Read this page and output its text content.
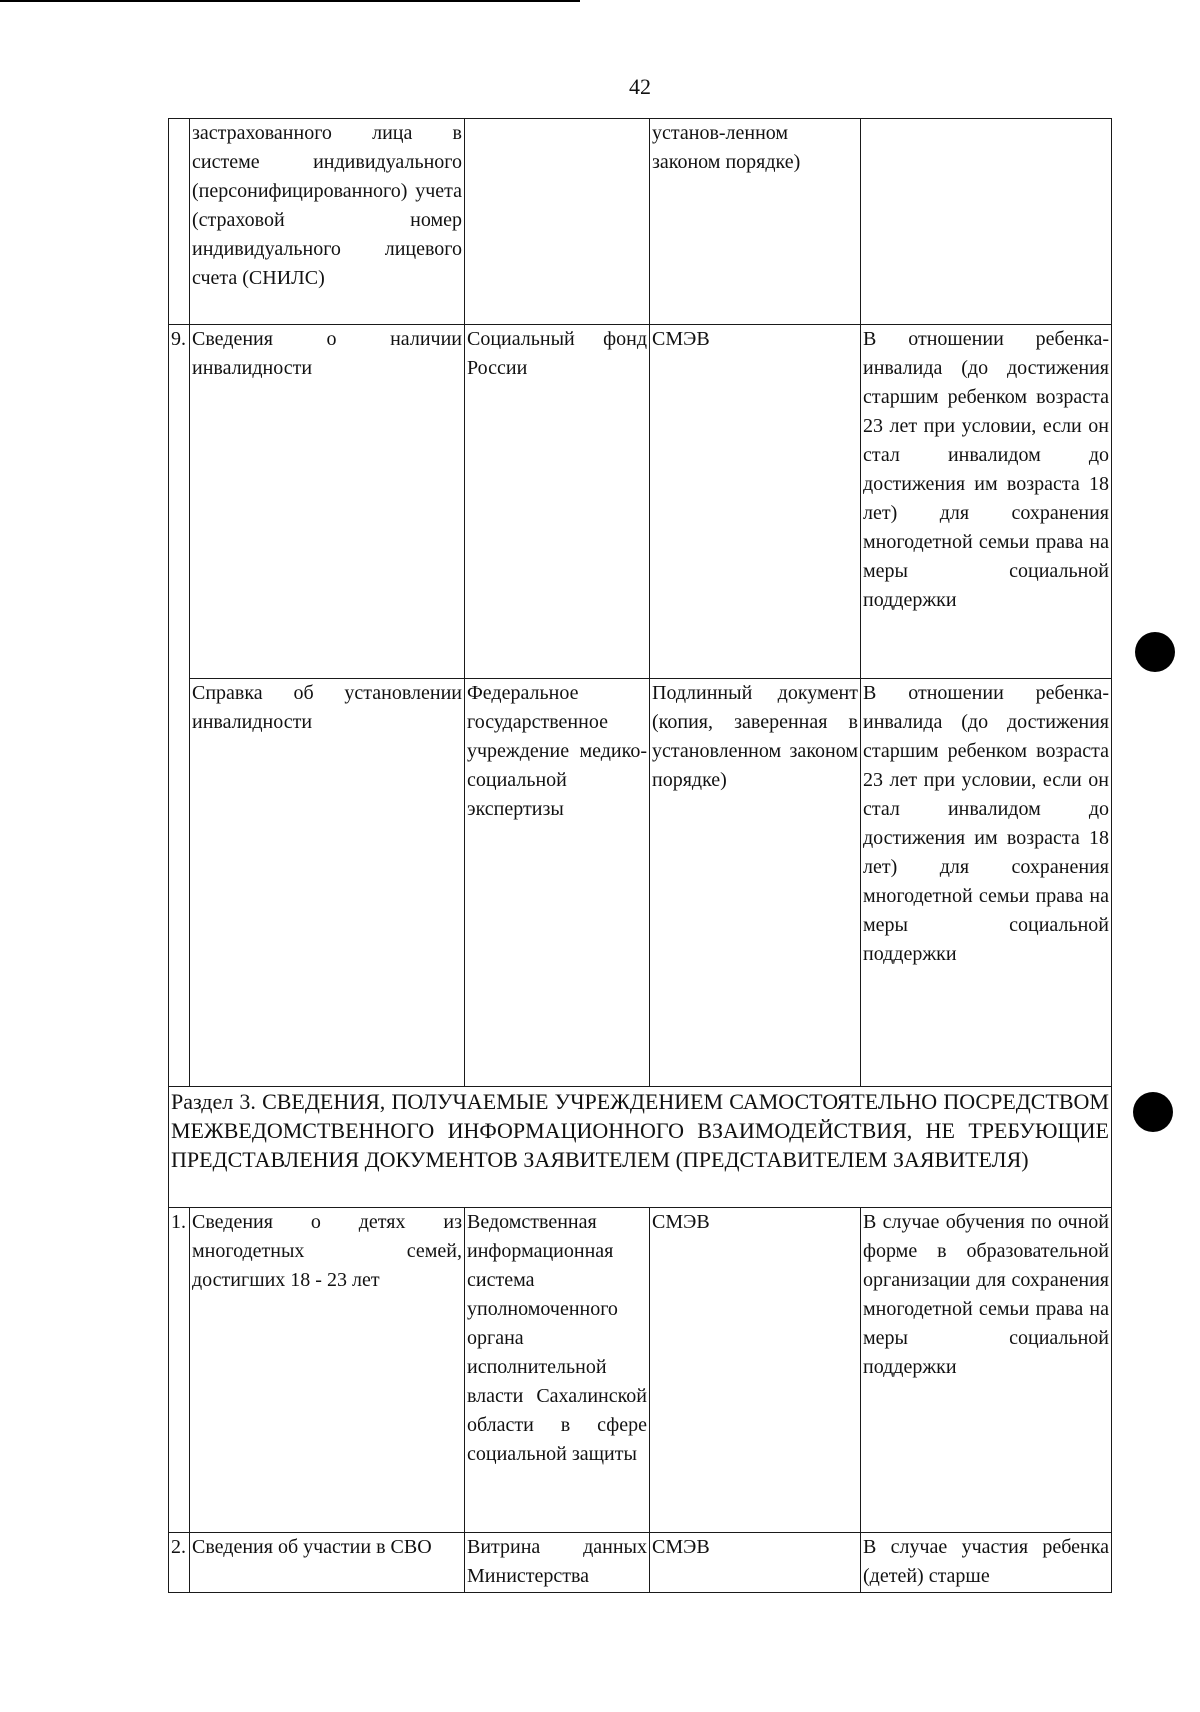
42
	застрахованного лица в системе индивидуального (персонифицированного) учета (страховой номер индивидуального лицевого счета (СНИЛС)		установ-ленном законом порядке)	
9.	Сведения о наличии инвалидности	Социальный фонд России	СМЭВ	В отношении ребенка-инвалида (до достижения старшим ребенком возраста 23 лет при условии, если он стал инвалидом до достижения им возраста 18 лет) для сохранения многодетной семьи права на меры социальной поддержки
	Справка об установлении инвалидности	Федеральное государственное учреждение медико-социальной экспертизы	Подлинный документ (копия, заверенная в установленном законом порядке)	В отношении ребенка-инвалида (до достижения старшим ребенком возраста 23 лет при условии, если он стал инвалидом до достижения им возраста 18 лет) для сохранения многодетной семьи права на меры социальной поддержки
Раздел 3. СВЕДЕНИЯ, ПОЛУЧАЕМЫЕ УЧРЕЖДЕНИЕМ САМОСТОЯТЕЛЬНО ПОСРЕДСТВОМ МЕЖВЕДОМСТВЕННОГО ИНФОРМАЦИОННОГО ВЗАИМОДЕЙСТВИЯ, НЕ ТРЕБУЮЩИЕ ПРЕДСТАВЛЕНИЯ ДОКУМЕНТОВ ЗАЯВИТЕЛЕМ (ПРЕДСТАВИТЕЛЕМ ЗАЯВИТЕЛЯ)				
1.	Сведения о детях из многодетных семей, достигших 18 - 23 лет	Ведомственная информационная система уполномоченного органа исполнительной власти Сахалинской области в сфере социальной защиты	СМЭВ	В случае обучения по очной форме в образовательной организации для сохранения многодетной семьи права на меры социальной поддержки
2.	Сведения об участии в СВО	Витрина данных Министерства	СМЭВ	В случае участия ребенка (детей) старше
